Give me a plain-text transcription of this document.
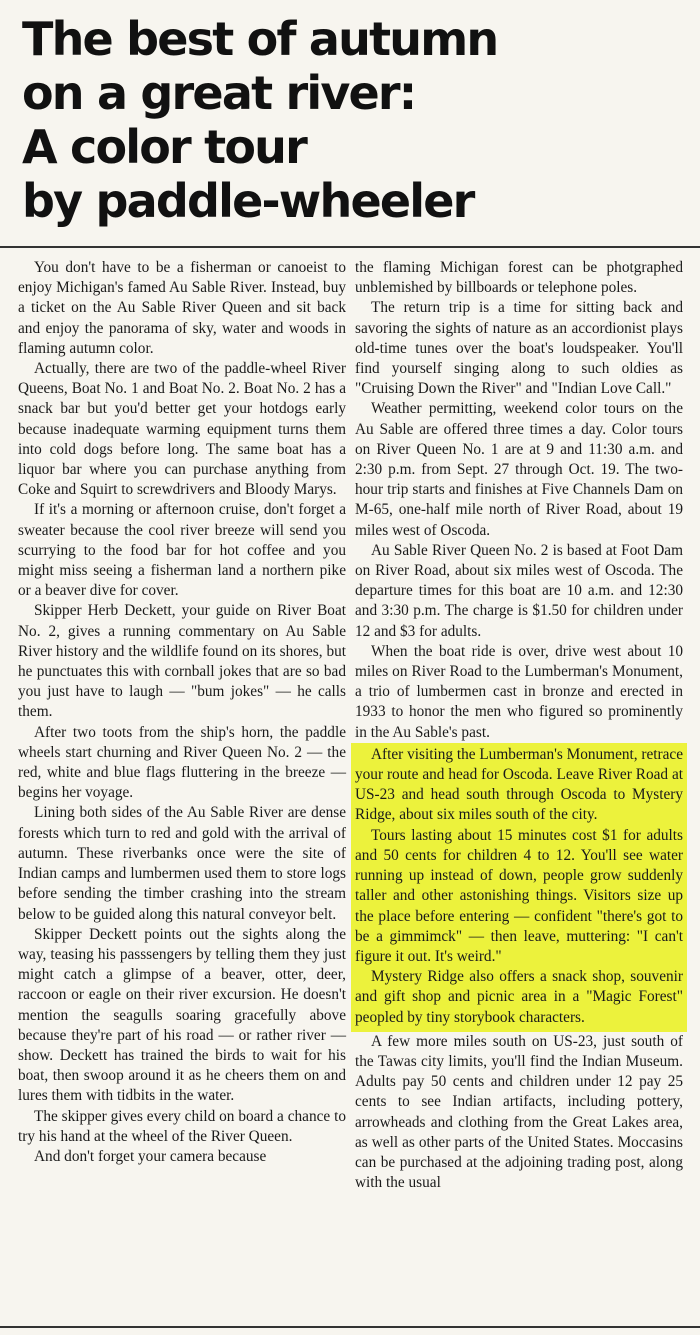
The best of autumn
on a great river:
A color tour
by paddle-wheeler

You don't have to be a fisherman or canoeist to enjoy Michigan's famed Au Sable River. Instead, buy a ticket on the Au Sable River Queen and sit back and enjoy the panorama of sky, water and woods in flaming autumn color.

Actually, there are two of the paddle-wheel River Queens, Boat No. 1 and Boat No. 2. Boat No. 2 has a snack bar but you'd better get your hotdogs early because inadequate warming equipment turns them into cold dogs before long. The same boat has a liquor bar where you can purchase anything from Coke and Squirt to screwdrivers and Bloody Marys.

If it's a morning or afternoon cruise, don't forget a sweater because the cool river breeze will send you scurrying to the food bar for hot coffee and you might miss seeing a fisherman land a northern pike or a beaver dive for cover.

Skipper Herb Deckett, your guide on River Boat No. 2, gives a running commentary on Au Sable River history and the wildlife found on its shores, but he punctuates this with cornball jokes that are so bad you just have to laugh — "bum jokes" — he calls them.

After two toots from the ship's horn, the paddle wheels start churning and River Queen No. 2 — the red, white and blue flags fluttering in the breeze — begins her voyage.

Lining both sides of the Au Sable River are dense forests which turn to red and gold with the arrival of autumn. These riverbanks once were the site of Indian camps and lumbermen used them to store logs before sending the timber crashing into the stream below to be guided along this natural conveyor belt.

Skipper Deckett points out the sights along the way, teasing his passsengers by telling them they just might catch a glimpse of a beaver, otter, deer, raccoon or eagle on their river excursion. He doesn't mention the seagulls soaring gracefully above because they're part of his road — or rather river — show. Deckett has trained the birds to wait for his boat, then swoop around it as he cheers them on and lures them with tidbits in the water.

The skipper gives every child on board a chance to try his hand at the wheel of the River Queen.

And don't forget your camera because

the flaming Michigan forest can be photgraphed unblemished by billboards or telephone poles.

The return trip is a time for sitting back and savoring the sights of nature as an accordionist plays old-time tunes over the boat's loudspeaker. You'll find yourself singing along to such oldies as "Cruising Down the River" and "Indian Love Call."

Weather permitting, weekend color tours on the Au Sable are offered three times a day. Color tours on River Queen No. 1 are at 9 and 11:30 a.m. and 2:30 p.m. from Sept. 27 through Oct. 19. The two-hour trip starts and finishes at Five Channels Dam on M-65, one-half mile north of River Road, about 19 miles west of Oscoda.

Au Sable River Queen No. 2 is based at Foot Dam on River Road, about six miles west of Oscoda. The departure times for this boat are 10 a.m. and 12:30 and 3:30 p.m. The charge is $1.50 for children under 12 and $3 for adults.

When the boat ride is over, drive west about 10 miles on River Road to the Lumberman's Monument, a trio of lumbermen cast in bronze and erected in 1933 to honor the men who figured so prominently in the Au Sable's past.

After visiting the Lumberman's Monument, retrace your route and head for Oscoda. Leave River Road at US-23 and head south through Oscoda to Mystery Ridge, about six miles south of the city.

Tours lasting about 15 minutes cost $1 for adults and 50 cents for children 4 to 12. You'll see water running up instead of down, people grow suddenly taller and other astonishing things. Visitors size up the place before entering — confident "there's got to be a gimmimck" — then leave, muttering: "I can't figure it out. It's weird."

Mystery Ridge also offers a snack shop, souvenir and gift shop and picnic area in a "Magic Forest" peopled by tiny storybook characters.

A few more miles south on US-23, just south of the Tawas city limits, you'll find the Indian Museum. Adults pay 50 cents and children under 12 pay 25 cents to see Indian artifacts, including pottery, arrowheads and clothing from the Great Lakes area, as well as other parts of the United States. Moccasins can be purchased at the adjoining trading post, along with the usual
